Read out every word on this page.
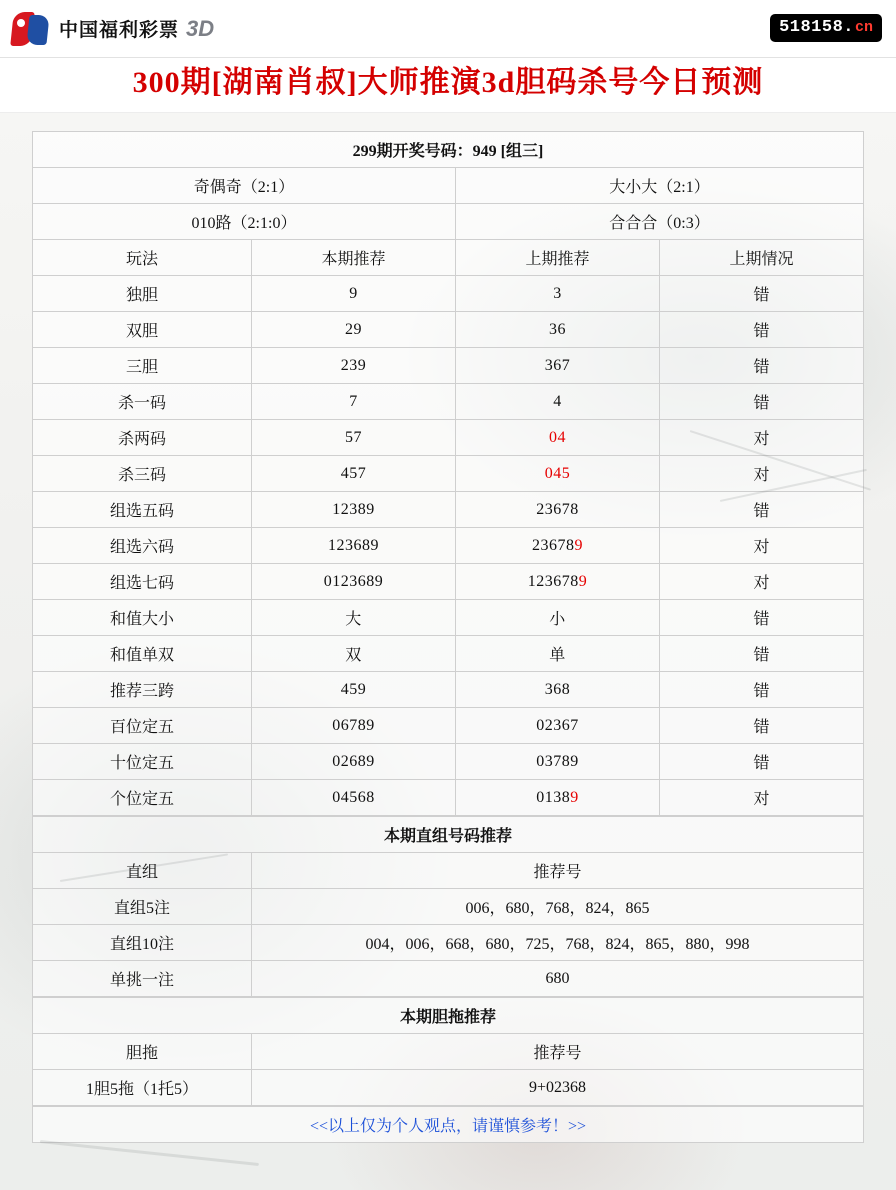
中国福利彩票 3D	518158. cn
300期[湖南肖叔]大师推演3d胆码杀号今日预测
299期开奖号码：949 [组三]			
奇偶奇（2:1）		大小大（2:1）	
010路（2:1:0）		合合合（0:3）	
玩法	本期推荐	上期推荐	上期情况
独胆	9	3	错
双胆	29	36	错
三胆	239	367	错
杀一码	7	4	错
杀两码	57	04	对
杀三码	457	045	对
组选五码	12389	23678	错
组选六码	123689	236789	对
组选七码	0123689	1236789	对
和值大小	大	小	错
和值单双	双	单	错
推荐三跨	459	368	错
百位定五	06789	02367	错
十位定五	02689	03789	错
个位定五	04568	01389	对
本期直组号码推荐	
直组	推荐号
直组5注	006，680，768，824，865
直组10注	004，006，668，680，725，768，824，865，880，998
单挑一注	680
本期胆拖推荐	
胆拖	推荐号
1胆5拖（1托5）	9+02368
<<以上仅为个人观点，请谨慎参考！>>
